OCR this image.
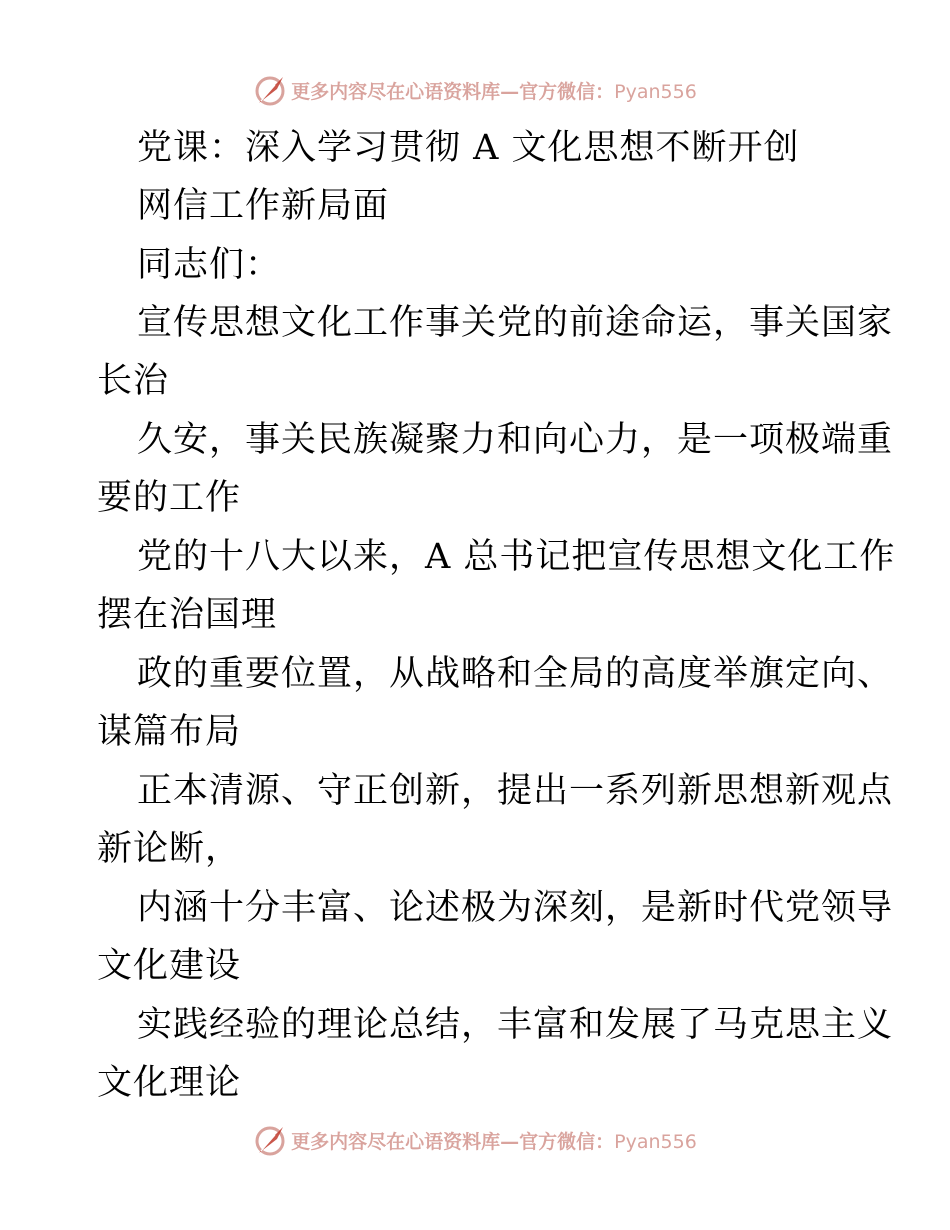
更多内容尽在心语资料库—官方微信：Pyan556
党课：深入学习贯彻 A 文化思想不断开创
网信工作新局面
同志们：
宣传思想文化工作事关党的前途命运，事关国家
长治
久安，事关民族凝聚力和向心力，是一项极端重
要的工作
党的十八大以来，A 总书记把宣传思想文化工作
摆在治国理
政的重要位置，从战略和全局的高度举旗定向、
谋篇布局
正本清源、守正创新，提出一系列新思想新观点
新论断，
内涵十分丰富、论述极为深刻，是新时代党领导
文化建设
实践经验的理论总结，丰富和发展了马克思主义
文化理论
更多内容尽在心语资料库—官方微信：Pyan556
